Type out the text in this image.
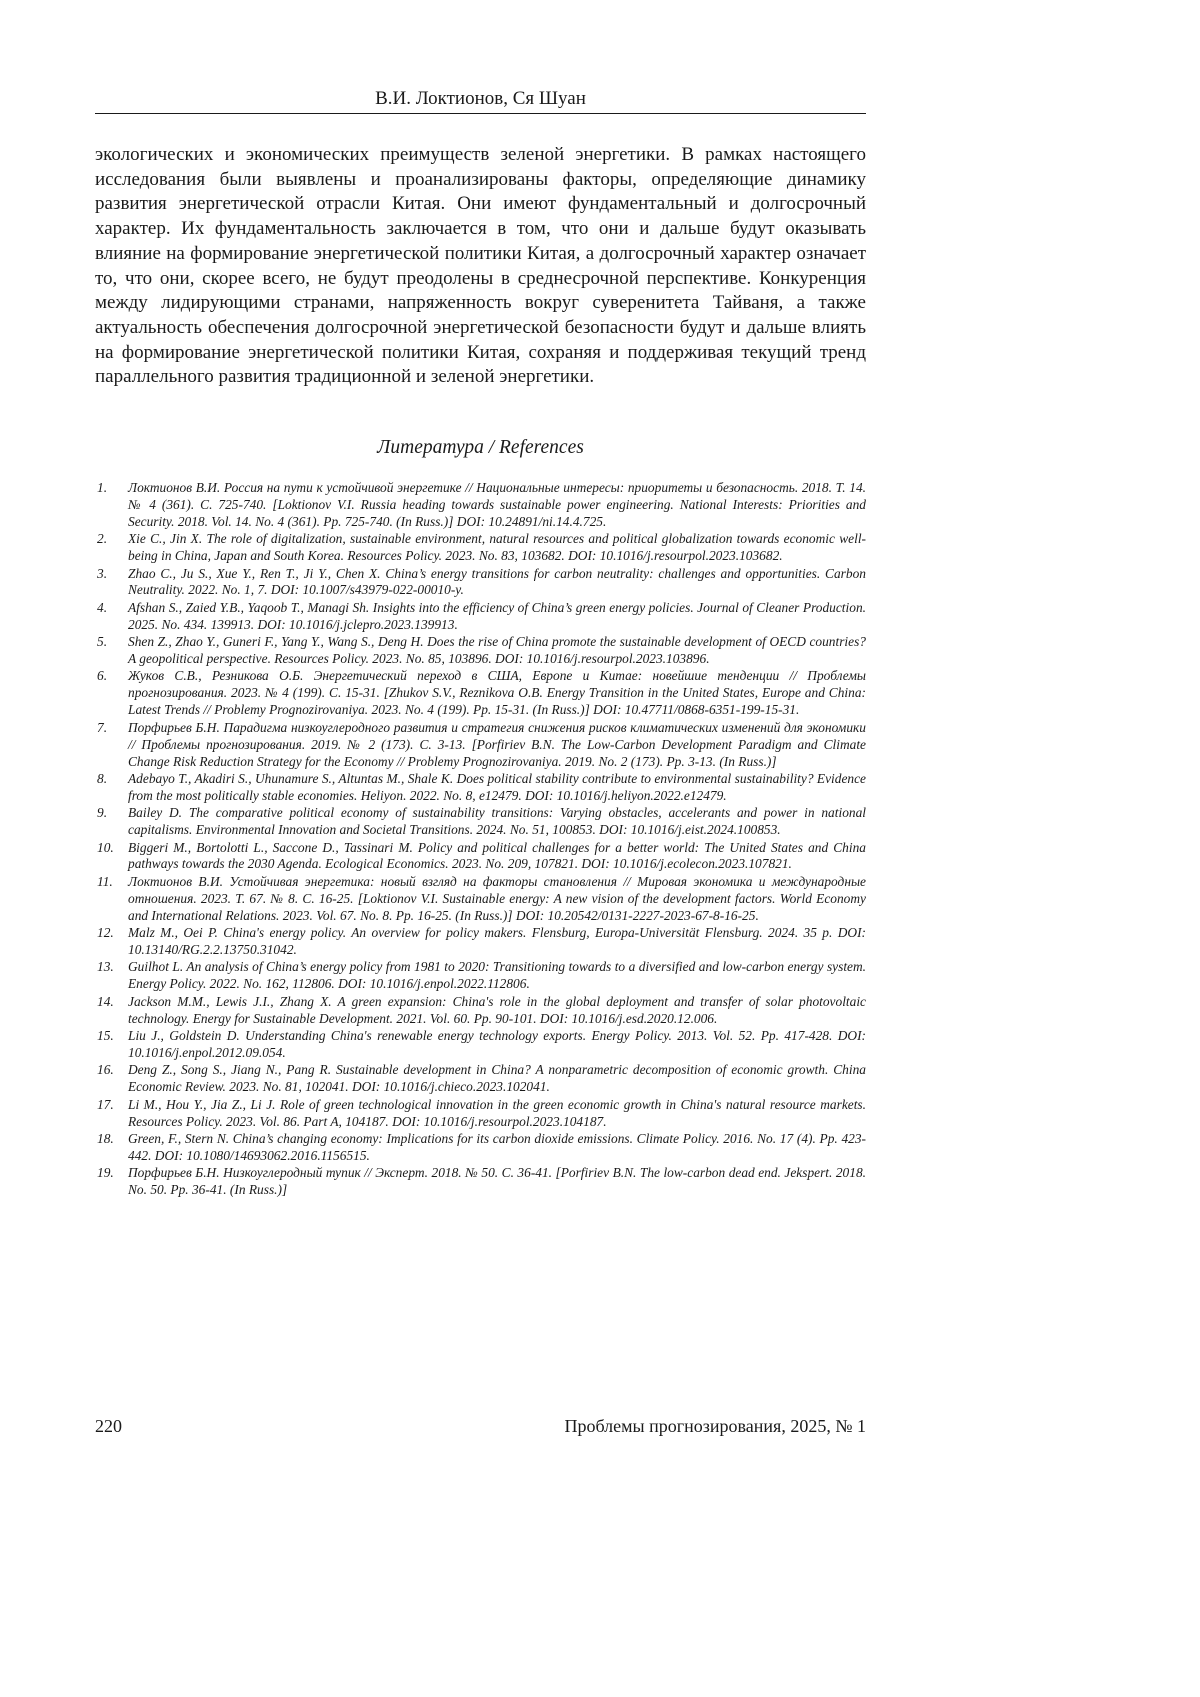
В.И. Локтионов, Ся Шуан

экологических и экономических преимуществ зеленой энергетики. В рамках настоящего исследования были выявлены и проанализированы факторы, определяющие динамику развития энергетической отрасли Китая. Они имеют фундаментальный и долгосрочный характер. Их фундаментальность заключается в том, что они и дальше будут оказывать влияние на формирование энергетической политики Китая, а долгосрочный характер означает то, что они, скорее всего, не будут преодолены в среднесрочной перспективе. Конкуренция между лидирующими странами, напряженность вокруг суверенитета Тайваня, а также актуальность обеспечения долгосрочной энергетической безопасности будут и дальше влиять на формирование энергетической политики Китая, сохраняя и поддерживая текущий тренд параллельного развития традиционной и зеленой энергетики.

Литература / References
1. Локтионов В.И. Россия на пути к устойчивой энергетике // Национальные интересы: приоритеты и безопасность. 2018. Т. 14. № 4 (361). С. 725-740. [Loktionov V.I. Russia heading towards sustainable power engineering. National Interests: Priorities and Security. 2018. Vol. 14. No. 4 (361). Pp. 725-740. (In Russ.)] DOI: 10.24891/ni.14.4.725.
2. Xie C., Jin X. The role of digitalization, sustainable environment, natural resources and political globalization towards economic well-being in China, Japan and South Korea. Resources Policy. 2023. No. 83, 103682. DOI: 10.1016/j.resourpol.2023.103682.
3. Zhao C., Ju S., Xue Y., Ren T., Ji Y., Chen X. China’s energy transitions for carbon neutrality: challenges and opportunities. Carbon Neutrality. 2022. No. 1, 7. DOI: 10.1007/s43979-022-00010-y.
4. Afshan S., Zaied Y.B., Yaqoob T., Managi Sh. Insights into the efficiency of China’s green energy policies. Journal of Cleaner Production. 2025. No. 434. 139913. DOI: 10.1016/j.jclepro.2023.139913.
5. Shen Z., Zhao Y., Guneri F., Yang Y., Wang S., Deng H. Does the rise of China promote the sustainable development of OECD countries? A geopolitical perspective. Resources Policy. 2023. No. 85, 103896. DOI: 10.1016/j.resourpol.2023.103896.
6. Жуков С.В., Резникова О.Б. Энергетический переход в США, Европе и Китае: новейшие тенденции // Проблемы прогнозирования. 2023. № 4 (199). С. 15-31. [Zhukov S.V., Reznikova O.B. Energy Transition in the United States, Europe and China: Latest Trends // Problemy Prognozirovaniya. 2023. No. 4 (199). Pp. 15-31. (In Russ.)] DOI: 10.47711/0868-6351-199-15-31.
7. Порфирьев Б.Н. Парадигма низкоуглеродного развития и стратегия снижения рисков климатических изменений для экономики // Проблемы прогнозирования. 2019. № 2 (173). С. 3-13. [Porfiriev B.N. The Low-Carbon Development Paradigm and Climate Change Risk Reduction Strategy for the Economy // Problemy Prognozirovaniya. 2019. No. 2 (173). Pp. 3-13. (In Russ.)]
8. Adebayo T., Akadiri S., Uhunamure S., Altuntas M., Shale K. Does political stability contribute to environmental sustainability? Evidence from the most politically stable economies. Heliyon. 2022. No. 8, e12479. DOI: 10.1016/j.heliyon.2022.e12479.
9. Bailey D. The comparative political economy of sustainability transitions: Varying obstacles, accelerants and power in national capitalisms. Environmental Innovation and Societal Transitions. 2024. No. 51, 100853. DOI: 10.1016/j.eist.2024.100853.
10. Biggeri M., Bortolotti L., Saccone D., Tassinari M. Policy and political challenges for a better world: The United States and China pathways towards the 2030 Agenda. Ecological Economics. 2023. No. 209, 107821. DOI: 10.1016/j.ecolecon.2023.107821.
11. Локтионов В.И. Устойчивая энергетика: новый взгляд на факторы становления // Мировая экономика и международные отношения. 2023. Т. 67. № 8. С. 16-25. [Loktionov V.I. Sustainable energy: A new vision of the development factors. World Economy and International Relations. 2023. Vol. 67. No. 8. Pp. 16-25. (In Russ.)] DOI: 10.20542/0131-2227-2023-67-8-16-25.
12. Malz M., Oei P. China's energy policy. An overview for policy makers. Flensburg, Europa-Universität Flensburg. 2024. 35 p. DOI: 10.13140/RG.2.2.13750.31042.
13. Guilhot L. An analysis of China’s energy policy from 1981 to 2020: Transitioning towards to a diversified and low-carbon energy system. Energy Policy. 2022. No. 162, 112806. DOI: 10.1016/j.enpol.2022.112806.
14. Jackson M.M., Lewis J.I., Zhang X. A green expansion: China's role in the global deployment and transfer of solar photovoltaic technology. Energy for Sustainable Development. 2021. Vol. 60. Pp. 90-101. DOI: 10.1016/j.esd.2020.12.006.
15. Liu J., Goldstein D. Understanding China's renewable energy technology exports. Energy Policy. 2013. Vol. 52. Pp. 417-428. DOI: 10.1016/j.enpol.2012.09.054.
16. Deng Z., Song S., Jiang N., Pang R. Sustainable development in China? A nonparametric decomposition of economic growth. China Economic Review. 2023. No. 81, 102041. DOI: 10.1016/j.chieco.2023.102041.
17. Li M., Hou Y., Jia Z., Li J. Role of green technological innovation in the green economic growth in China's natural resource markets. Resources Policy. 2023. Vol. 86. Part A, 104187. DOI: 10.1016/j.resourpol.2023.104187.
18. Green, F., Stern N. China’s changing economy: Implications for its carbon dioxide emissions. Climate Policy. 2016. No. 17 (4). Pp. 423-442. DOI: 10.1080/14693062.2016.1156515.
19. Порфирьев Б.Н. Низкоуглеродный тупик // Эксперт. 2018. № 50. С. 36-41. [Porfiriev B.N. The low-carbon dead end. Jekspert. 2018. No. 50. Pp. 36-41. (In Russ.)]
220	Проблемы прогнозирования, 2025, № 1
